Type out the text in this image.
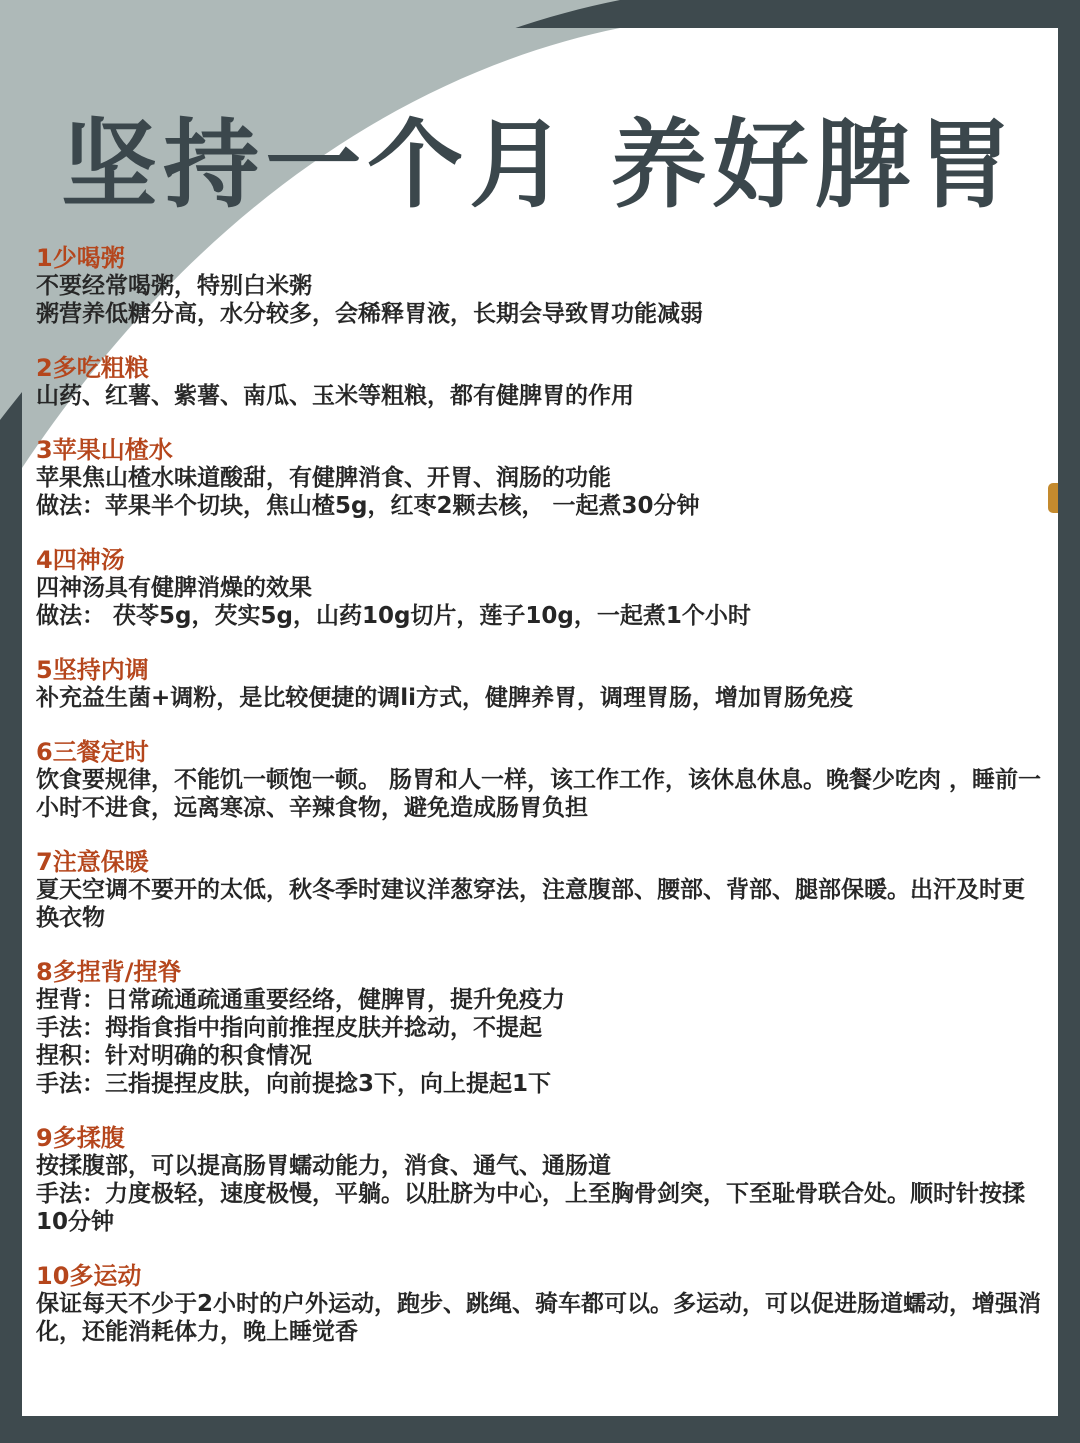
坚持一个月 养好脾胃
1少喝粥
不要经常喝粥，特别白米粥
粥营养低糖分高，水分较多，会稀释胃液，长期会导致胃功能减弱
2多吃粗粮
山药、红薯、紫薯、南瓜、玉米等粗粮，都有健脾胃的作用
3苹果山楂水
苹果焦山楂水味道酸甜，有健脾消食、开胃、润肠的功能
做法：苹果半个切块，焦山楂5g，红枣2颗去核， 一起煮30分钟
4四神汤
四神汤具有健脾消燥的效果
做法： 茯苓5g，芡实5g，山药10g切片，莲子10g，一起煮1个小时
5坚持内调
补充益生菌+调粉，是比较便捷的调li方式，健脾养胃，调理胃肠，增加胃肠免疫
6三餐定时
饮食要规律，不能饥一顿饱一顿。 肠胃和人一样，该工作工作，该休息休息。晚餐少吃肉 ，睡前一小时不进食，远离寒凉、辛辣食物，避免造成肠胃负担
7注意保暖
夏天空调不要开的太低，秋冬季时建议洋葱穿法，注意腹部、腰部、背部、腿部保暖。出汗及时更换衣物
8多捏背/捏脊
捏背：日常疏通疏通重要经络，健脾胃，提升免疫力
手法：拇指食指中指向前推捏皮肤并捻动，不提起
捏积：针对明确的积食情况
手法：三指提捏皮肤，向前提捻3下，向上提起1下
9多揉腹
按揉腹部，可以提高肠胃蠕动能力，消食、通气、通肠道
手法：力度极轻，速度极慢，平躺。以肚脐为中心，上至胸骨剑突，下至耻骨联合处。顺时针按揉10分钟
10多运动
保证每天不少于2小时的户外运动，跑步、跳绳、骑车都可以。多运动，可以促进肠道蠕动，增强消化，还能消耗体力，晚上睡觉香
